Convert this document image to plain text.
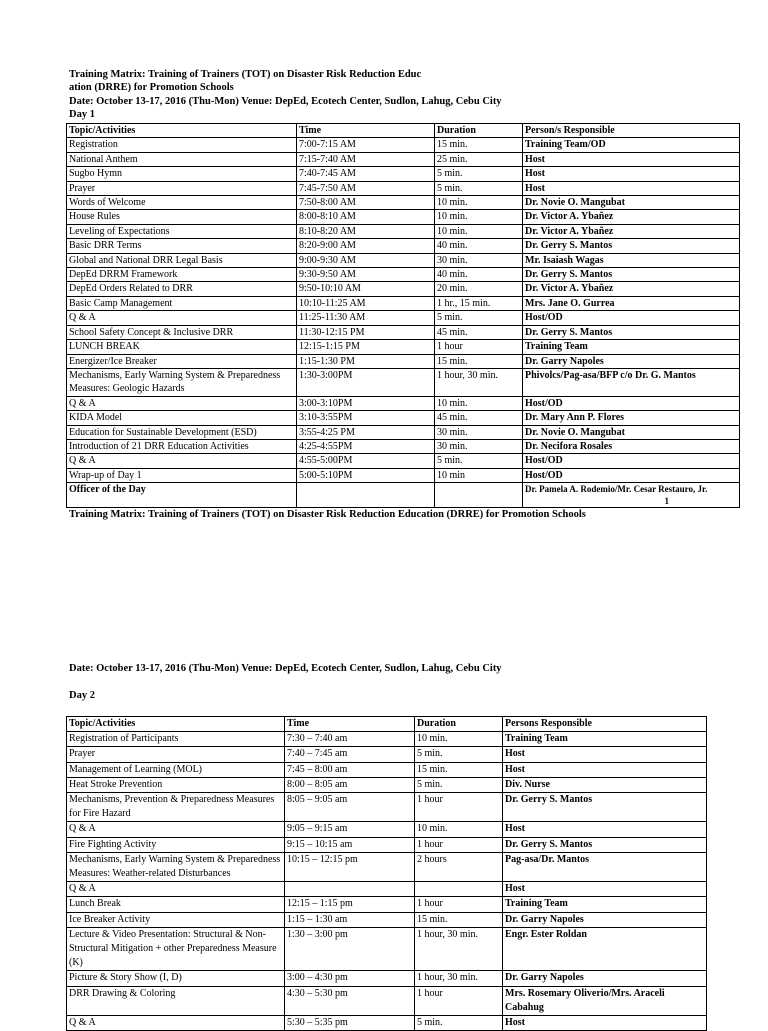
Training Matrix: Training of Trainers (TOT) on Disaster Risk Reduction Educ
ation (DRRE) for Promotion Schools
Date: October 13-17, 2016 (Thu-Mon) Venue: DepEd, Ecotech Center, Sudlon, Lahug, Cebu City
Day 1
Topic/Activities	Time	Duration	Person/s Responsible
Registration	7:00-7:15 AM	15 min.	Training Team/OD
National Anthem	7:15-7:40 AM	25 min.	Host
Sugbo Hymn	7:40-7:45 AM	5 min.	Host
Prayer	7:45-7:50 AM	5 min.	Host
Words of Welcome	7:50-8:00 AM	10 min.	Dr. Novie O. Mangubat
House Rules	8:00-8:10 AM	10 min.	Dr. Victor A. Ybañez
Leveling of Expectations	8:10-8:20 AM	10 min.	Dr. Victor A. Ybañez
Basic DRR Terms	8:20-9:00 AM	40 min.	Dr. Gerry S. Mantos
Global and National DRR Legal Basis	9:00-9:30 AM	30 min.	Mr. Isaiash Wagas
DepEd DRRM Framework	9:30-9:50 AM	40 min.	Dr. Gerry S. Mantos
DepEd Orders Related to DRR	9:50-10:10 AM	20 min.	Dr. Victor A. Ybañez
Basic Camp Management	10:10-11:25 AM	1 hr., 15 min.	Mrs. Jane O. Gurrea
Q & A	11:25-11:30 AM	5 min.	Host/OD
School Safety Concept & Inclusive DRR	11:30-12:15 PM	45 min.	Dr. Gerry S. Mantos
LUNCH BREAK	12:15-1:15 PM	1 hour	Training Team
Energizer/Ice Breaker	1:15-1:30 PM	15 min.	Dr. Garry Napoles
Mechanisms, Early Warning System & Preparedness Measures: Geologic Hazards	1:30-3:00PM	1 hour, 30 min.	Phivolcs/Pag-asa/BFP c/o Dr. G. Mantos
Q & A	3:00-3:10PM	10 min.	Host/OD
KIDA Model	3:10-3:55PM	45 min.	Dr. Mary Ann P. Flores
Education for Sustainable Development (ESD)	3:55-4:25 PM	30 min.	Dr. Novie O. Mangubat
Introduction of 21 DRR Education Activities	4:25-4:55PM	30 min.	Dr. Necifora Rosales
Q & A	4:55-5:00PM	5 min.	Host/OD
Wrap-up of Day 1	5:00-5:10PM	10 min	Host/OD
Officer of the Day			Dr. Pamela A. Rodemio/Mr. Cesar Restauro, Jr.
1
Training Matrix: Training of Trainers (TOT) on Disaster Risk Reduction Education (DRRE) for Promotion Schools
Date: October 13-17, 2016 (Thu-Mon) Venue: DepEd, Ecotech Center, Sudlon, Lahug, Cebu City
Day 2
Topic/Activities	Time	Duration	Persons Responsible
Registration of Participants	7:30 – 7:40 am	10 min.	Training Team
Prayer	7:40 – 7:45 am	5 min.	Host
Management of Learning (MOL)	7:45 – 8:00 am	15 min.	Host
Heat Stroke Prevention	8:00 – 8:05 am	5 min.	Div. Nurse
Mechanisms, Prevention & Preparedness Measures for Fire Hazard	8:05 – 9:05 am	1 hour	Dr. Gerry S. Mantos
Q & A	9:05 – 9:15 am	10 min.	Host
Fire Fighting Activity	9:15 – 10:15 am	1 hour	Dr. Gerry S. Mantos
Mechanisms, Early Warning System & Preparedness Measures: Weather-related Disturbances	10:15 – 12:15 pm	2 hours	Pag-asa/Dr. Mantos
Q & A			Host
Lunch Break	12:15 – 1:15 pm	1 hour	Training Team
Ice Breaker Activity	1:15 – 1:30 am	15 min.	Dr. Garry Napoles
Lecture & Video Presentation: Structural & Non-Structural Mitigation + other Preparedness Measure (K)	1:30 – 3:00 pm	1 hour, 30 min.	Engr. Ester Roldan
Picture & Story Show (I, D)	3:00 – 4:30 pm	1 hour, 30 min.	Dr. Garry Napoles
DRR Drawing & Coloring	4:30 – 5:30 pm	1 hour	Mrs. Rosemary Oliverio/Mrs. Araceli Cabahug
Q & A	5:30 – 5:35 pm	5 min.	Host
